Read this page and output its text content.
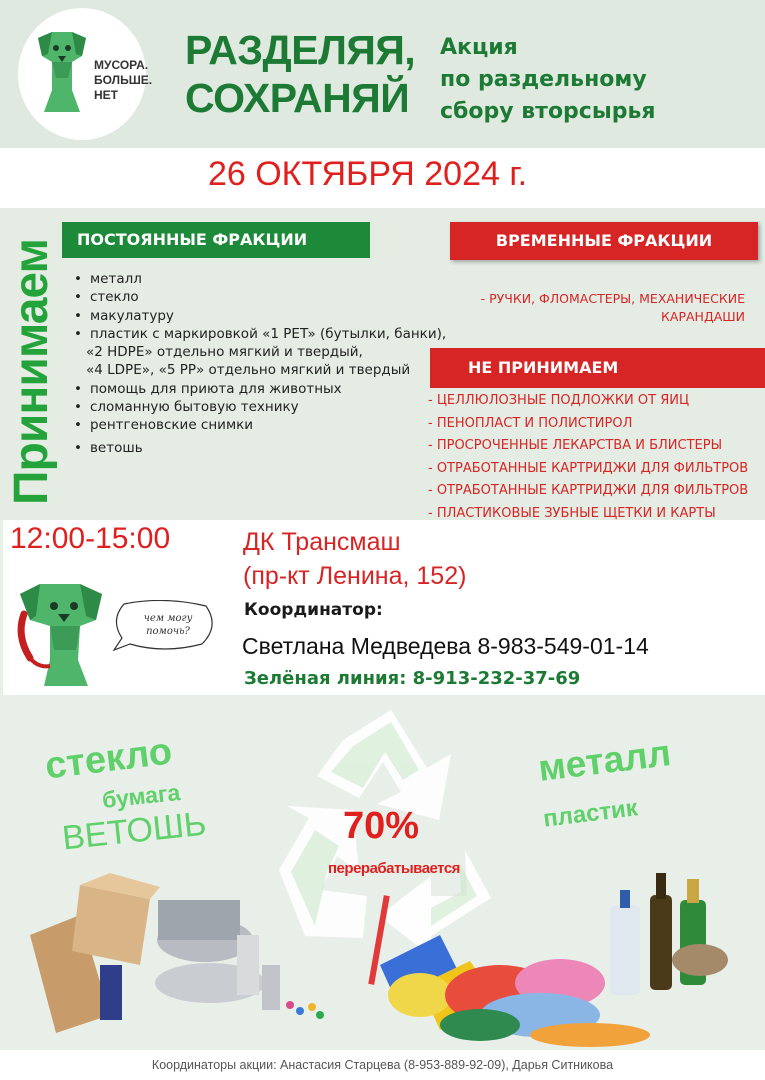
МУСОРА.
БОЛЬШЕ.
НЕТ
РАЗДЕЛЯЯ,
СОХРАНЯЙ
Акция
по раздельному
сбору вторсырья
26 ОКТЯБРЯ 2024 г.
Принимаем	ПОСТОЯННЫЕ ФРАКЦИИ	ВРЕМЕННЫЕ ФРАКЦИИ
• металл
• стекло
• макулатуру
• пластик с маркировкой «1 PET» (бутылки, банки),
«2 HDPE» отдельно мягкий и твердый,
«4 LDPE», «5 PP» отдельно мягкий и твердый
• помощь для приюта для животных
• сломанную бытовую технику
• рентгеновские снимки
• ветошь
- РУЧКИ, ФЛОМАСТЕРЫ, МЕХАНИЧЕСКИЕ
КАРАНДАШИ
НЕ ПРИНИМАЕМ
- ЦЕЛЛЮЛОЗНЫЕ ПОДЛОЖКИ ОТ ЯИЦ
- ПЕНОПЛАСТ И ПОЛИСТИРОЛ
- ПРОСРОЧЕННЫЕ ЛЕКАРСТВА И БЛИСТЕРЫ
- ОТРАБОТАННЫЕ КАРТРИДЖИ ДЛЯ ФИЛЬТРОВ
- ОТРАБОТАННЫЕ КАРТРИДЖИ ДЛЯ ФИЛЬТРОВ
- ПЛАСТИКОВЫЕ ЗУБНЫЕ ЩЕТКИ И КАРТЫ
12:00-15:00	ДК Трансмаш
(пр-кт Ленина, 152)
Координатор:
Светлана Медведева 8-983-549-01-14
Зелёная линия: 8-913-232-37-69
чем могу помочь?
стекло
бумага
ВЕТОШЬ
металл
пластик
70%
перерабатывается
Координаторы акции: Анастасия Старцева (8-953-889-92-09), Дарья Ситникова
